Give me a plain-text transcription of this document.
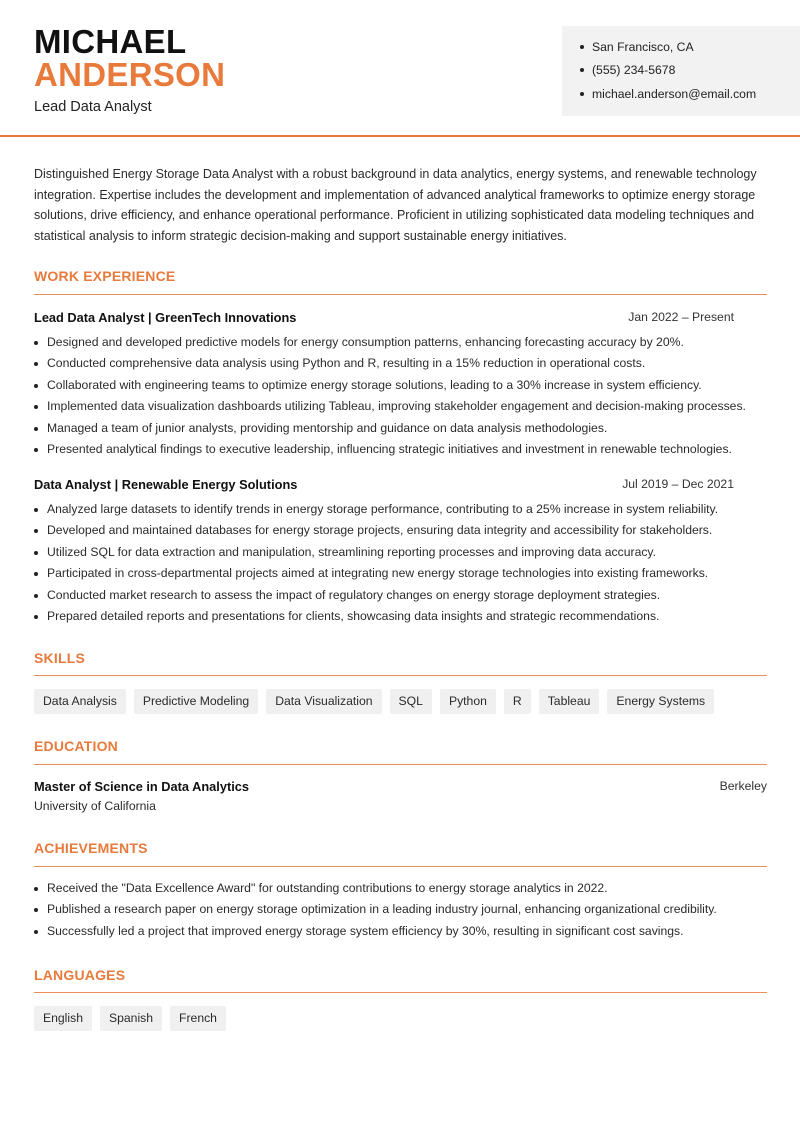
MICHAEL
ANDERSON
Lead Data Analyst
San Francisco, CA
(555) 234-5678
michael.anderson@email.com
Distinguished Energy Storage Data Analyst with a robust background in data analytics, energy systems, and renewable technology integration. Expertise includes the development and implementation of advanced analytical frameworks to optimize energy storage solutions, drive efficiency, and enhance operational performance. Proficient in utilizing sophisticated data modeling techniques and statistical analysis to inform strategic decision-making and support sustainable energy initiatives.
WORK EXPERIENCE
Lead Data Analyst | GreenTech Innovations	Jan 2022 – Present
Designed and developed predictive models for energy consumption patterns, enhancing forecasting accuracy by 20%.
Conducted comprehensive data analysis using Python and R, resulting in a 15% reduction in operational costs.
Collaborated with engineering teams to optimize energy storage solutions, leading to a 30% increase in system efficiency.
Implemented data visualization dashboards utilizing Tableau, improving stakeholder engagement and decision-making processes.
Managed a team of junior analysts, providing mentorship and guidance on data analysis methodologies.
Presented analytical findings to executive leadership, influencing strategic initiatives and investment in renewable technologies.
Data Analyst | Renewable Energy Solutions	Jul 2019 – Dec 2021
Analyzed large datasets to identify trends in energy storage performance, contributing to a 25% increase in system reliability.
Developed and maintained databases for energy storage projects, ensuring data integrity and accessibility for stakeholders.
Utilized SQL for data extraction and manipulation, streamlining reporting processes and improving data accuracy.
Participated in cross-departmental projects aimed at integrating new energy storage technologies into existing frameworks.
Conducted market research to assess the impact of regulatory changes on energy storage deployment strategies.
Prepared detailed reports and presentations for clients, showcasing data insights and strategic recommendations.
SKILLS
Data Analysis	Predictive Modeling	Data Visualization	SQL	Python	R	Tableau	Energy Systems
EDUCATION
Master of Science in Data Analytics	Berkeley
University of California
ACHIEVEMENTS
Received the "Data Excellence Award" for outstanding contributions to energy storage analytics in 2022.
Published a research paper on energy storage optimization in a leading industry journal, enhancing organizational credibility.
Successfully led a project that improved energy storage system efficiency by 30%, resulting in significant cost savings.
LANGUAGES
English	Spanish	French
